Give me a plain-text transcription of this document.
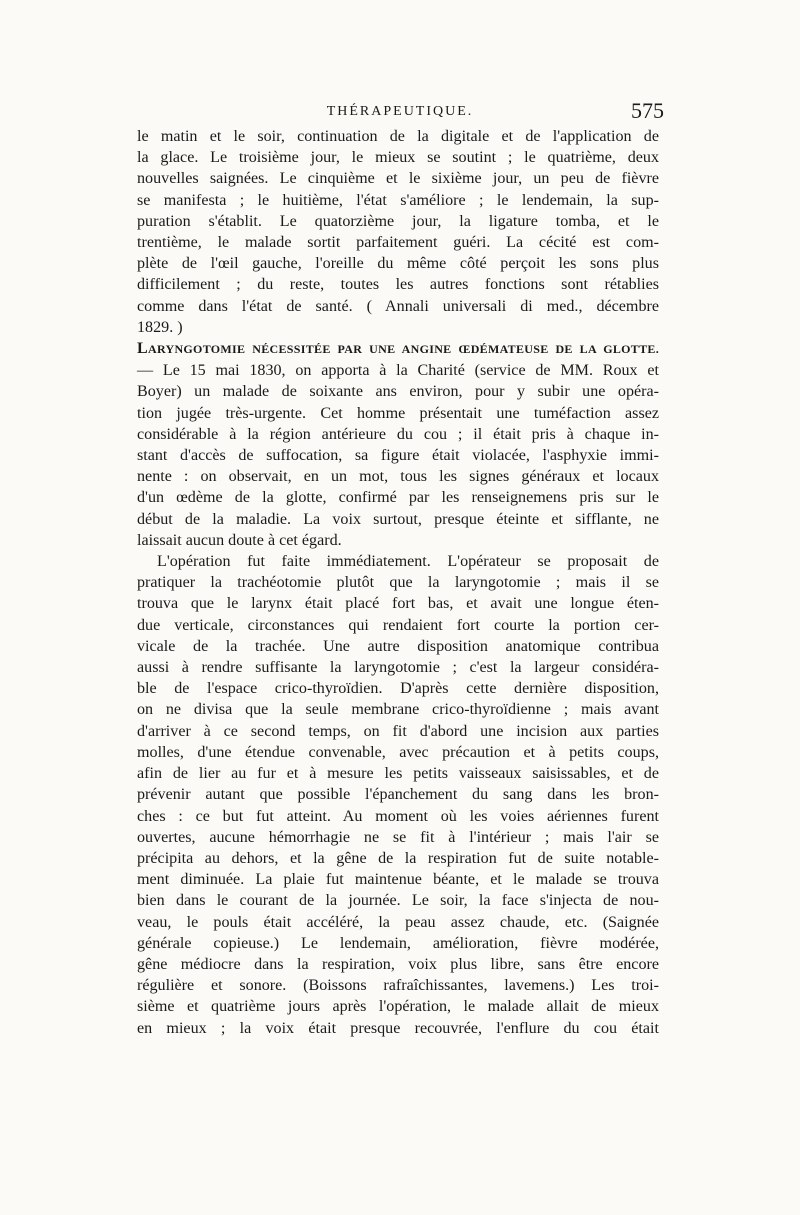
THÉRAPEUTIQUE.	575
le matin et le soir, continuation de la digitale et de l'application de
la glace. Le troisième jour, le mieux se soutint ; le quatrième, deux
nouvelles saignées. Le cinquième et le sixième jour, un peu de fièvre
se manifesta ; le huitième, l'état s'améliore ; le lendemain, la sup-
puration s'établit. Le quatorzième jour, la ligature tomba, et le
trentième, le malade sortit parfaitement guéri. La cécité est com-
plète de l'œil gauche, l'oreille du même côté perçoit les sons plus
difficilement ; du reste, toutes les autres fonctions sont rétablies
comme dans l'état de santé. ( Annali universali di med., décembre
1829. )
LARYNGOTOMIE NÉCESSITÉE PAR UNE ANGINE ŒDÉMATEUSE DE LA GLOTTE.
— Le 15 mai 1830, on apporta à la Charité (service de MM. Roux et
Boyer) un malade de soixante ans environ, pour y subir une opéra-
tion jugée très-urgente. Cet homme présentait une tuméfaction assez
considérable à la région antérieure du cou ; il était pris à chaque in-
stant d'accès de suffocation, sa figure était violacée, l'asphyxie immi-
nente : on observait, en un mot, tous les signes généraux et locaux
d'un œdème de la glotte, confirmé par les renseignemens pris sur le
début de la maladie. La voix surtout, presque éteinte et sifflante, ne
laissait aucun doute à cet égard.
L'opération fut faite immédiatement. L'opérateur se proposait de
pratiquer la trachéotomie plutôt que la laryngotomie ; mais il se
trouva que le larynx était placé fort bas, et avait une longue éten-
due verticale, circonstances qui rendaient fort courte la portion cer-
vicale de la trachée. Une autre disposition anatomique contribua
aussi à rendre suffisante la laryngotomie ; c'est la largeur considéra-
ble de l'espace crico-thyroïdien. D'après cette dernière disposition,
on ne divisa que la seule membrane crico-thyroïdienne ; mais avant
d'arriver à ce second temps, on fit d'abord une incision aux parties
molles, d'une étendue convenable, avec précaution et à petits coups,
afin de lier au fur et à mesure les petits vaisseaux saisissables, et de
prévenir autant que possible l'épanchement du sang dans les bron-
ches : ce but fut atteint. Au moment où les voies aériennes furent
ouvertes, aucune hémorrhagie ne se fit à l'intérieur ; mais l'air se
précipita au dehors, et la gêne de la respiration fut de suite notable-
ment diminuée. La plaie fut maintenue béante, et le malade se trouva
bien dans le courant de la journée. Le soir, la face s'injecta de nou-
veau, le pouls était accéléré, la peau assez chaude, etc. (Saignée
générale copieuse.) Le lendemain, amélioration, fièvre modérée,
gêne médiocre dans la respiration, voix plus libre, sans être encore
régulière et sonore. (Boissons rafraîchissantes, lavemens.) Les troi-
sième et quatrième jours après l'opération, le malade allait de mieux
en mieux ; la voix était presque recouvrée, l'enflure du cou était
